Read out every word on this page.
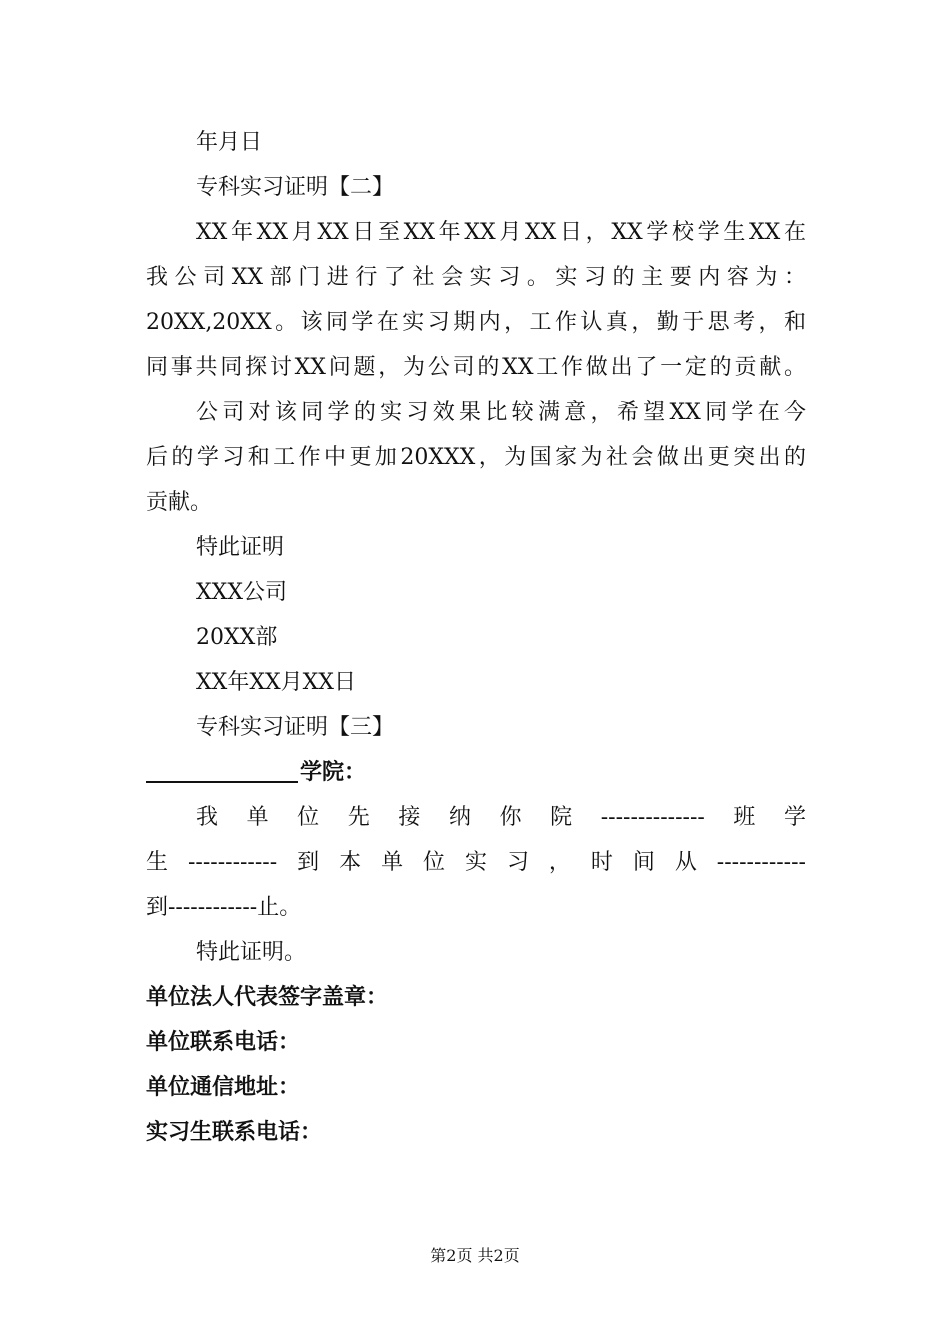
年月日
专科实习证明【二】
XX年XX月XX日至XX年XX月XX日，XX学校学生XX在
我公司XX部门进行了社会实习。实习的主要内容为：
20XX,20XX。该同学在实习期内，工作认真，勤于思考，和
同事共同探讨XX问题，为公司的XX工作做出了一定的贡献。
公司对该同学的实习效果比较满意，希望XX同学在今
后的学习和工作中更加20XXX，为国家为社会做出更突出的
贡献。
特此证明
XXX公司
20XX部
XX年XX月XX日
专科实习证明【三】
学院：
我单位先接纳你院--------------班学
生------------到本单位实习，时间从------------
到------------止。
特此证明。
单位法人代表签字盖章：
单位联系电话：
单位通信地址：
实习生联系电话：
第2页 共2页
